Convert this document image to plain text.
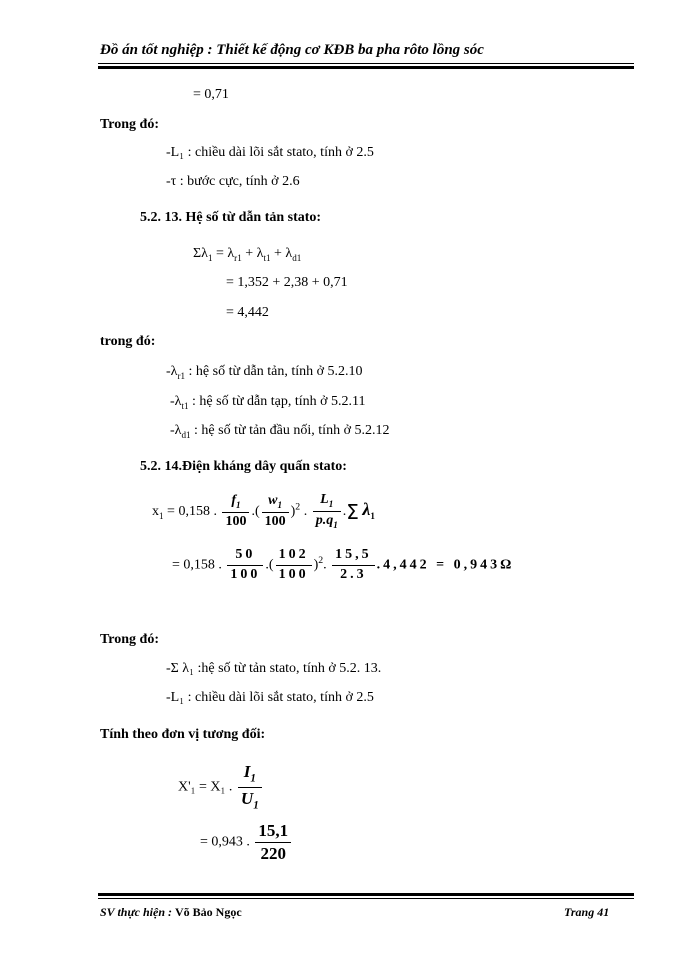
Đồ án tốt nghiệp : Thiết kế động cơ KĐB ba pha rôto lồng sóc
= 0,71
Trong đó:
-L₁ : chiều dài lõi sắt stato, tính ở 2.5
-τ : bước cực, tính ở 2.6
5.2. 13. Hệ số từ dẫn tản stato:
$\Sigma\lambda_1 = \lambda_{r1} + \lambda_{t1} + \lambda_{d1}$
= 1,352 + 2,38 + 0,71
= 4,442
trong đó:
$-\lambda_{r1}$ : hệ số từ dẫn tản, tính ở 5.2.10
$-\lambda_{t1}$ : hệ số từ dẫn tạp, tính ở 5.2.11
$-\lambda_{d1}$ : hệ số từ tản đầu nối, tính ở 5.2.12
5.2. 14.Điện kháng dây quấn stato:
$x_1 = 0,158$ . $\frac{f_1}{100}$ .( $\frac{w_1}{100} )^2$ . $\frac{L_1}{p.q_1} .\Sigma$ $\lambda_1$
= 0,158 . $\frac{50}{100}$ .( $\frac{102}{100} )^2$. $\frac{15,5}{2.3} .4,442 = 0,943\Omega$
Trong đó:
-Σ λ₁ :hệ số từ tản stato, tính ở 5.2. 13.
-L₁ : chiều dài lõi sắt stato, tính ở 2.5
Tính theo đơn vị tương đối:
X'₁ = X₁ . $\frac{I_1}{U_1}$
= 0,943 . $\frac{15,1}{220}$
SV thực hiện : Võ Bảo Ngọc	Trang 41
